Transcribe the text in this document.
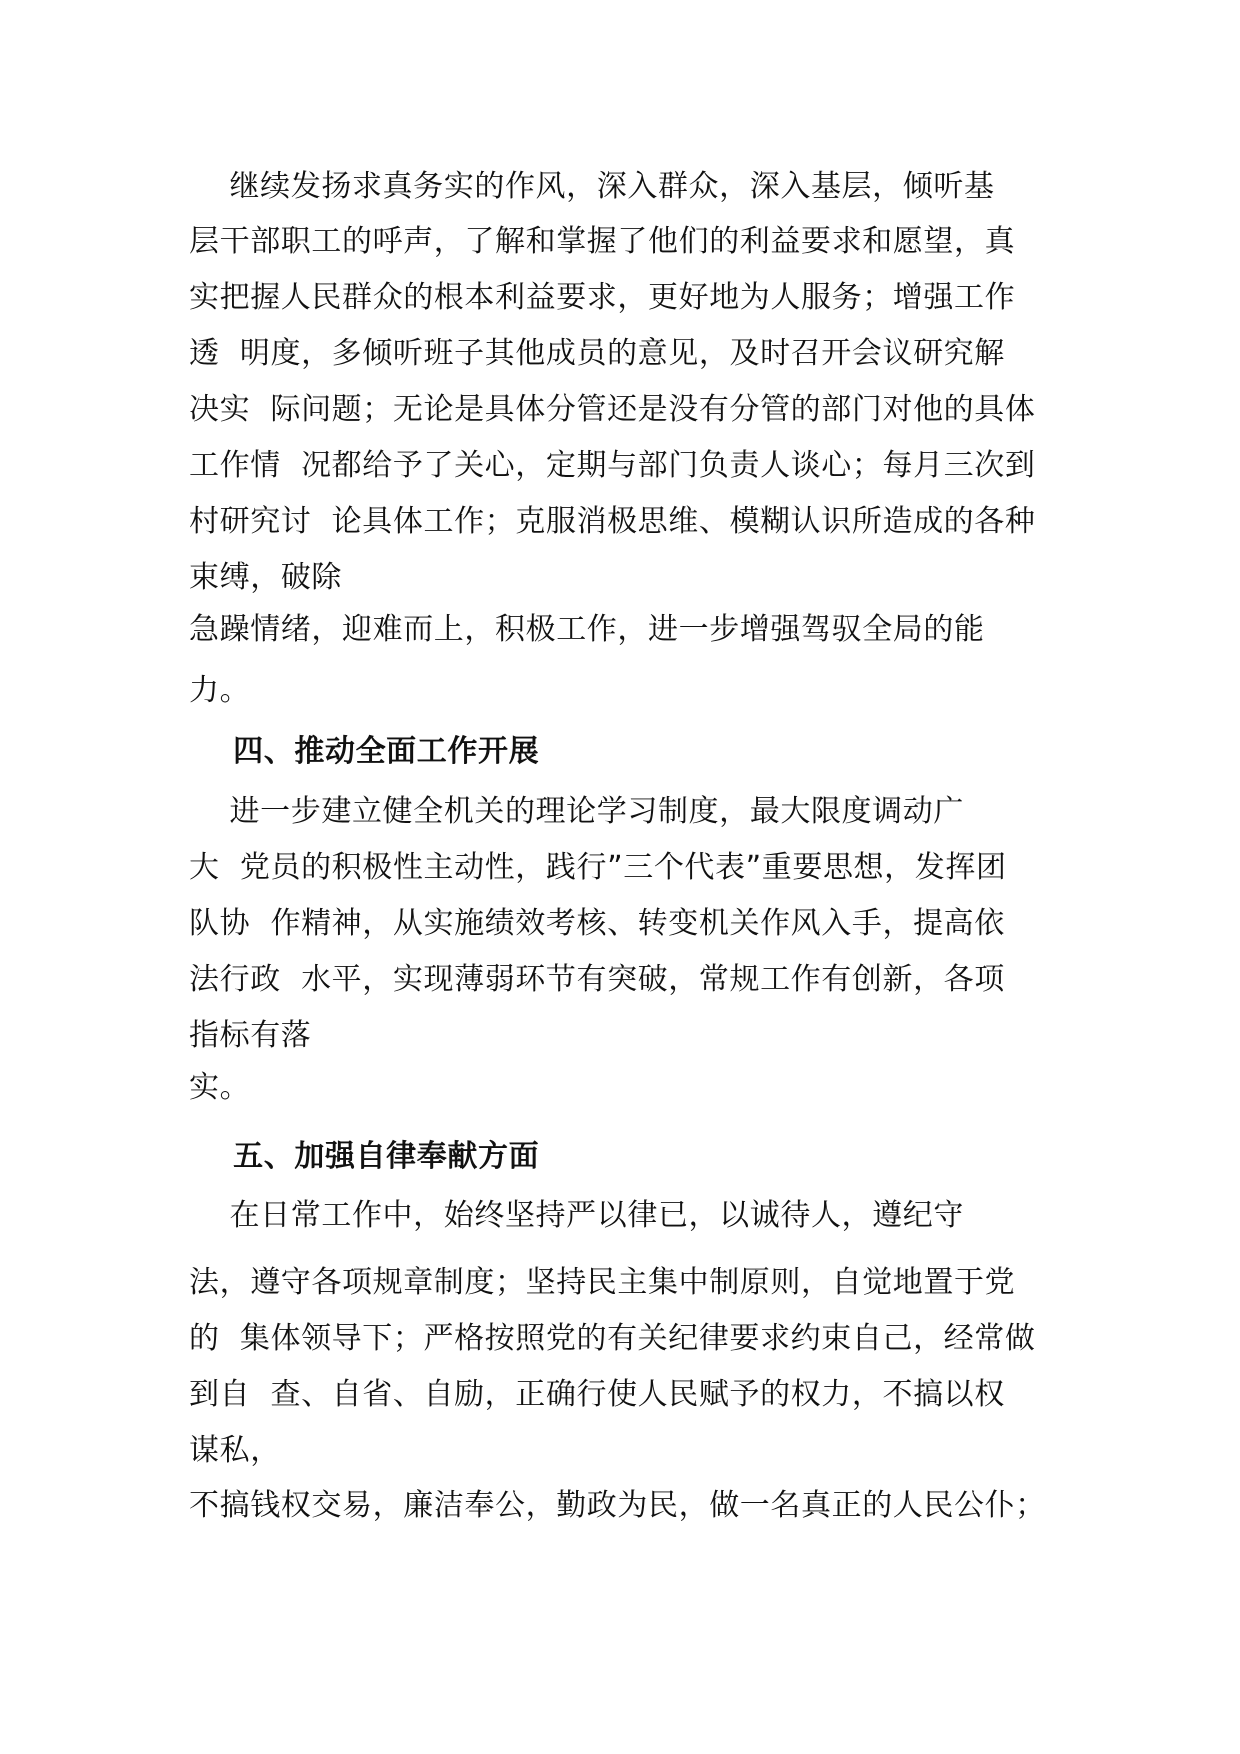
继续发扬求真务实的作风，深入群众，深入基层，倾听基
层干部职工的呼声，了解和掌握了他们的利益要求和愿望，真
实把握人民群众的根本利益要求，更好地为人服务；增强工作
透  明度，多倾听班子其他成员的意见，及时召开会议研究解
决实  际问题；无论是具体分管还是没有分管的部门对他的具体
工作情  况都给予了关心，定期与部门负责人谈心；每月三次到
村研究讨  论具体工作；克服消极思维、模糊认识所造成的各种
束缚，破除
急躁情绪，迎难而上，积极工作，进一步增强驾驭全局的能
力。
四、推动全面工作开展
进一步建立健全机关的理论学习制度，最大限度调动广
大  党员的积极性主动性，践行”三个代表”重要思想，发挥团
队协  作精神，从实施绩效考核、转变机关作风入手，提高依
法行政  水平，实现薄弱环节有突破，常规工作有创新，各项
指标有落
实。
五、加强自律奉献方面
在日常工作中，始终坚持严以律已，以诚待人，遵纪守
法，遵守各项规章制度；坚持民主集中制原则，自觉地置于党
的  集体领导下；严格按照党的有关纪律要求约束自己，经常做
到自  查、自省、自励，正确行使人民赋予的权力，不搞以权
谋私，
不搞钱权交易，廉洁奉公，勤政为民，做一名真正的人民公仆；
